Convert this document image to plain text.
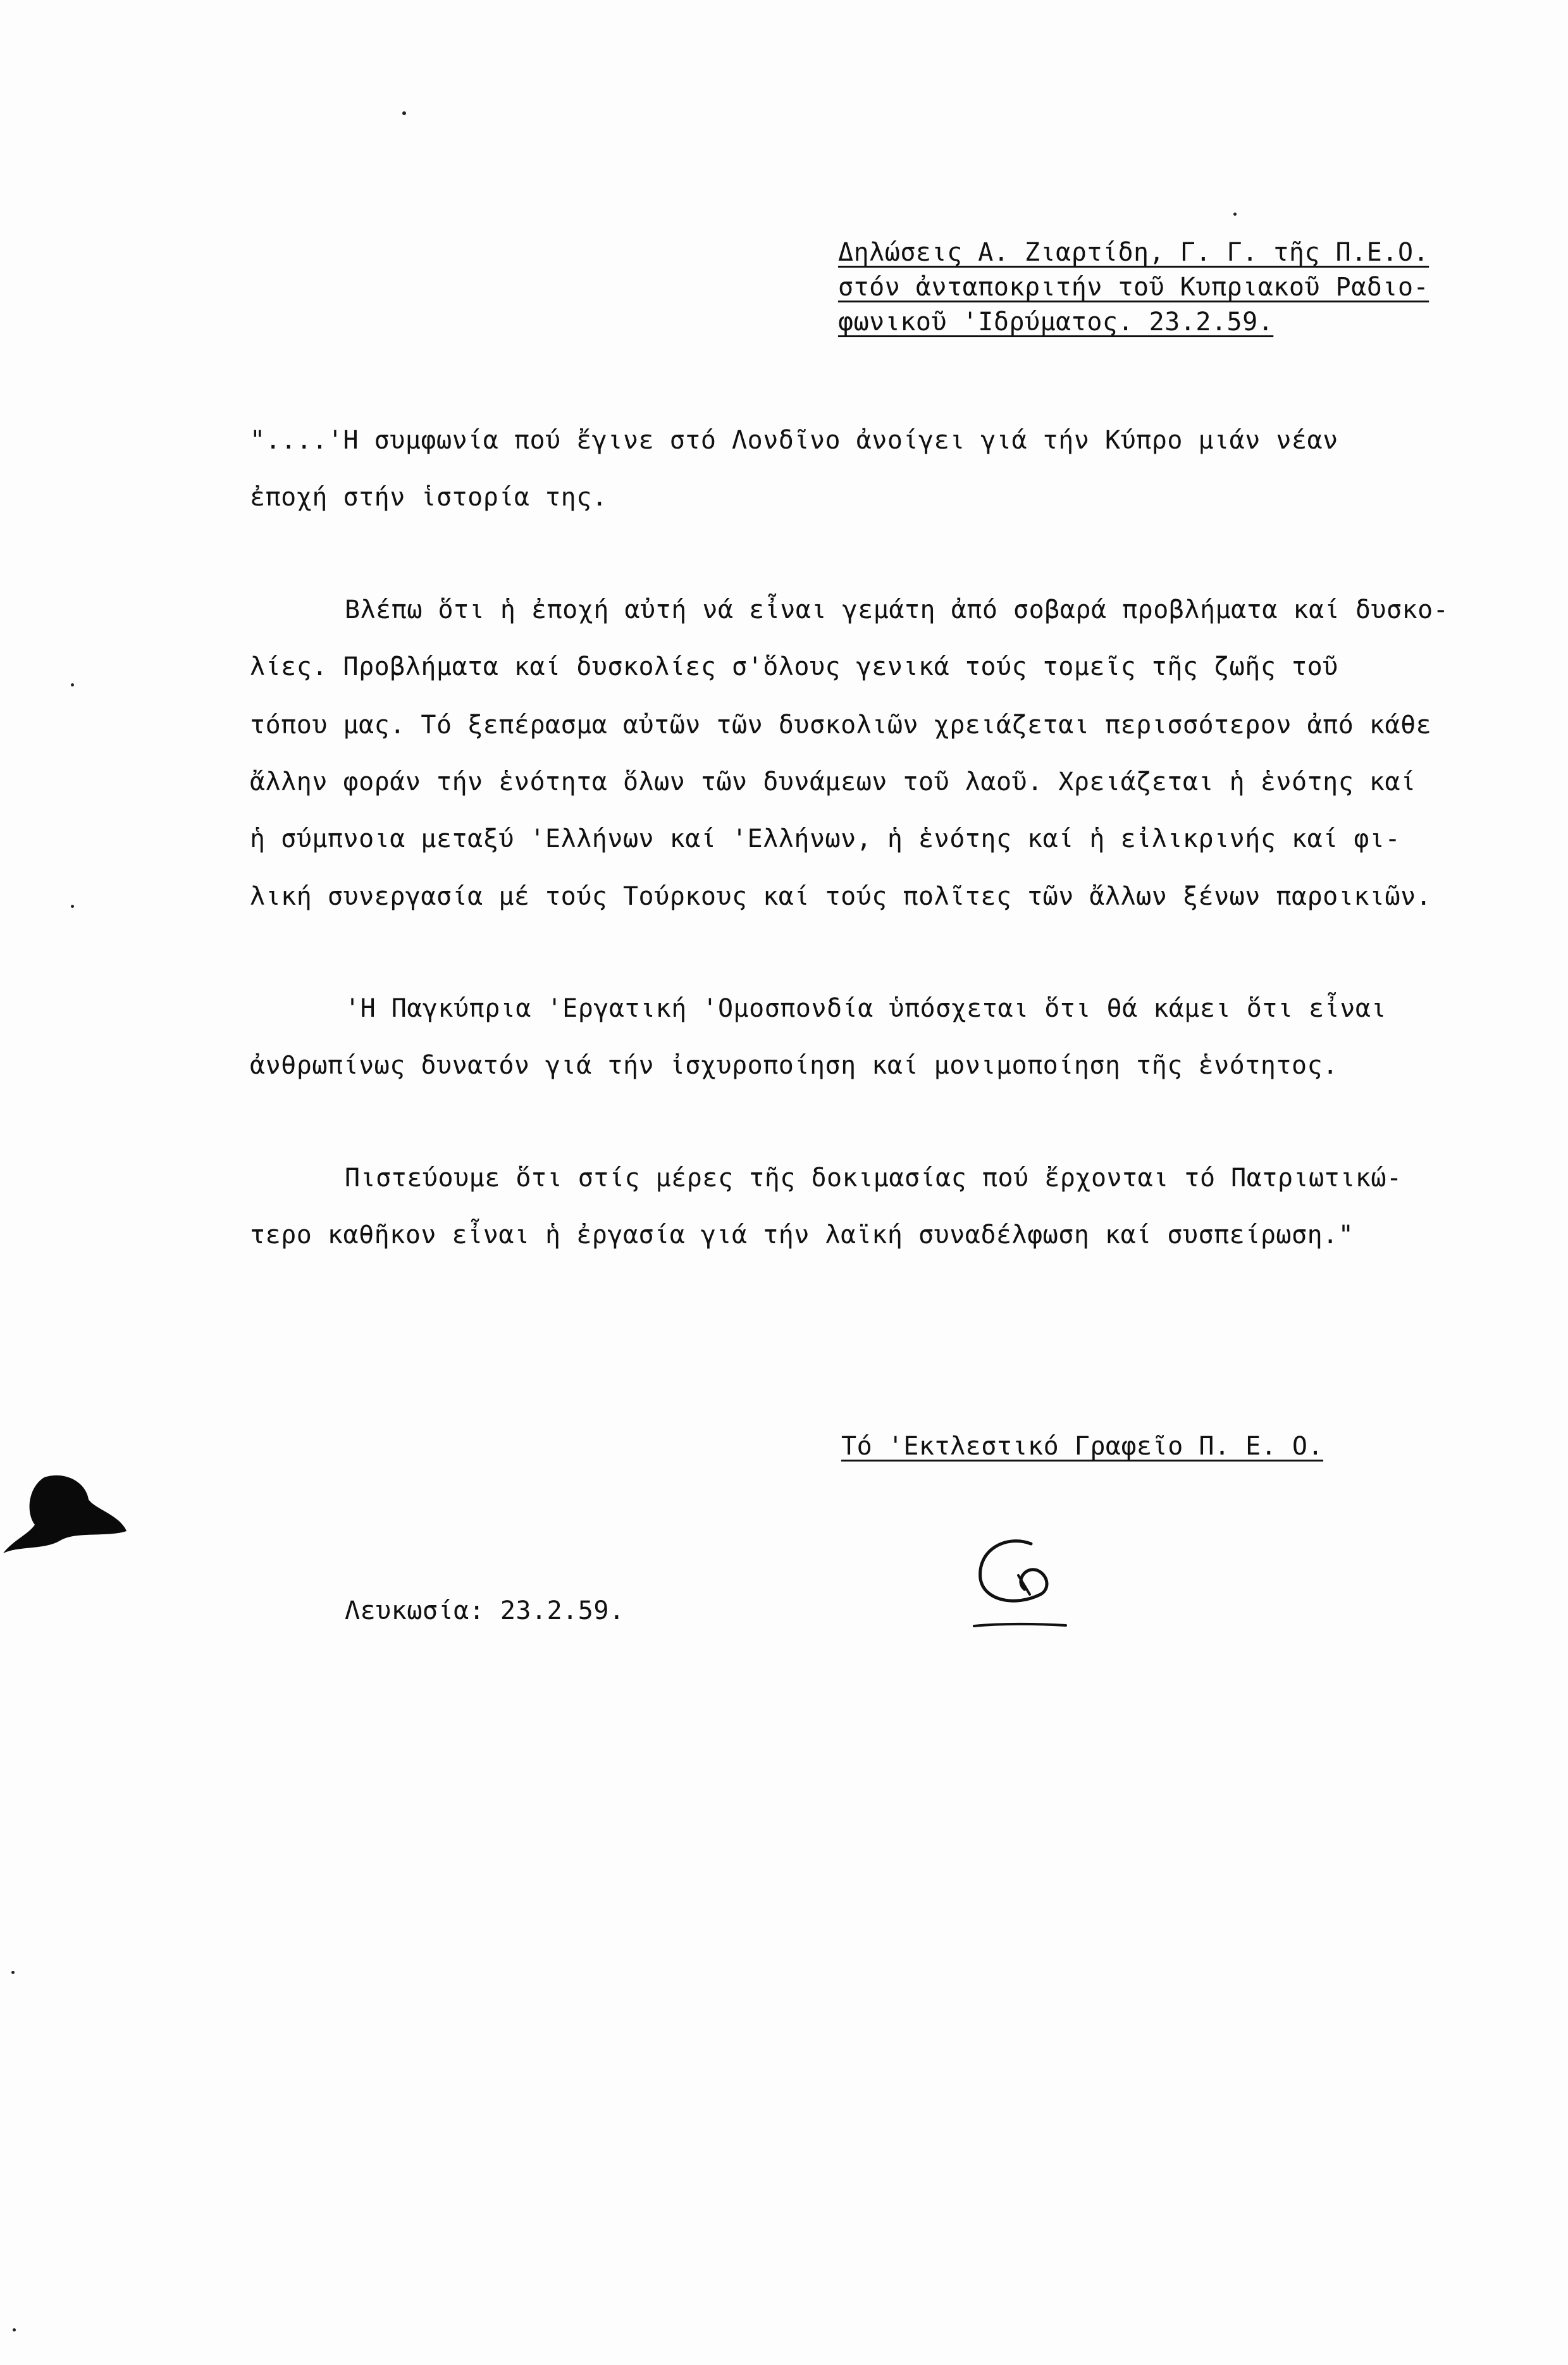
Δηλώσεις Α. Ζιαρτίδη, Γ. Γ. τῆς Π.Ε.Ο.
στόν ἀνταποκριτήν τοῦ Κυπριακοῦ Ραδιο-
φωνικοῦ 'Ιδρύματος. 23.2.59.
"....'Η συμφωνία πού ἔγινε στό Λονδῖνο ἀνοίγει γιά τήν Κύπρο μιάν νέαν
ἐποχή στήν ἱστορία της.
Βλέπω ὅτι ἡ ἐποχή αὐτή νά εἶναι γεμάτη ἀπό σοβαρά προβλήματα καί δυσκο-
λίες. Προβλήματα καί δυσκολίες σ'ὅλους γενικά τούς τομεῖς τῆς ζωῆς τοῦ
τόπου μας. Τό ξεπέρασμα αὐτῶν τῶν δυσκολιῶν χρειάζεται περισσότερον ἀπό κάθε
ἄλλην φοράν τήν ἑνότητα ὅλων τῶν δυνάμεων τοῦ λαοῦ. Χρειάζεται ἡ ἑνότης καί
ἡ σύμπνοια μεταξύ 'Ελλήνων καί 'Ελλήνων, ἡ ἑνότης καί ἡ εἰλικρινής καί φι-
λική συνεργασία μέ τούς Τούρκους καί τούς πολῖτες τῶν ἄλλων ξένων παροικιῶν.
'Η Παγκύπρια 'Εργατική 'Ομοσπονδία ὑπόσχεται ὅτι θά κάμει ὅτι εἶναι
ἀνθρωπίνως δυνατόν γιά τήν ἰσχυροποίηση καί μονιμοποίηση τῆς ἑνότητος.
Πιστεύουμε ὅτι στίς μέρες τῆς δοκιμασίας πού ἔρχονται τό Πατριωτικώ-
τερο καθῆκον εἶναι ἡ ἐργασία γιά τήν λαϊκή συναδέλφωση καί συσπείρωση."
Τό 'Εκτλεστικό Γραφεῖο Π. Ε. Ο.
Λευκωσία: 23.2.59.
